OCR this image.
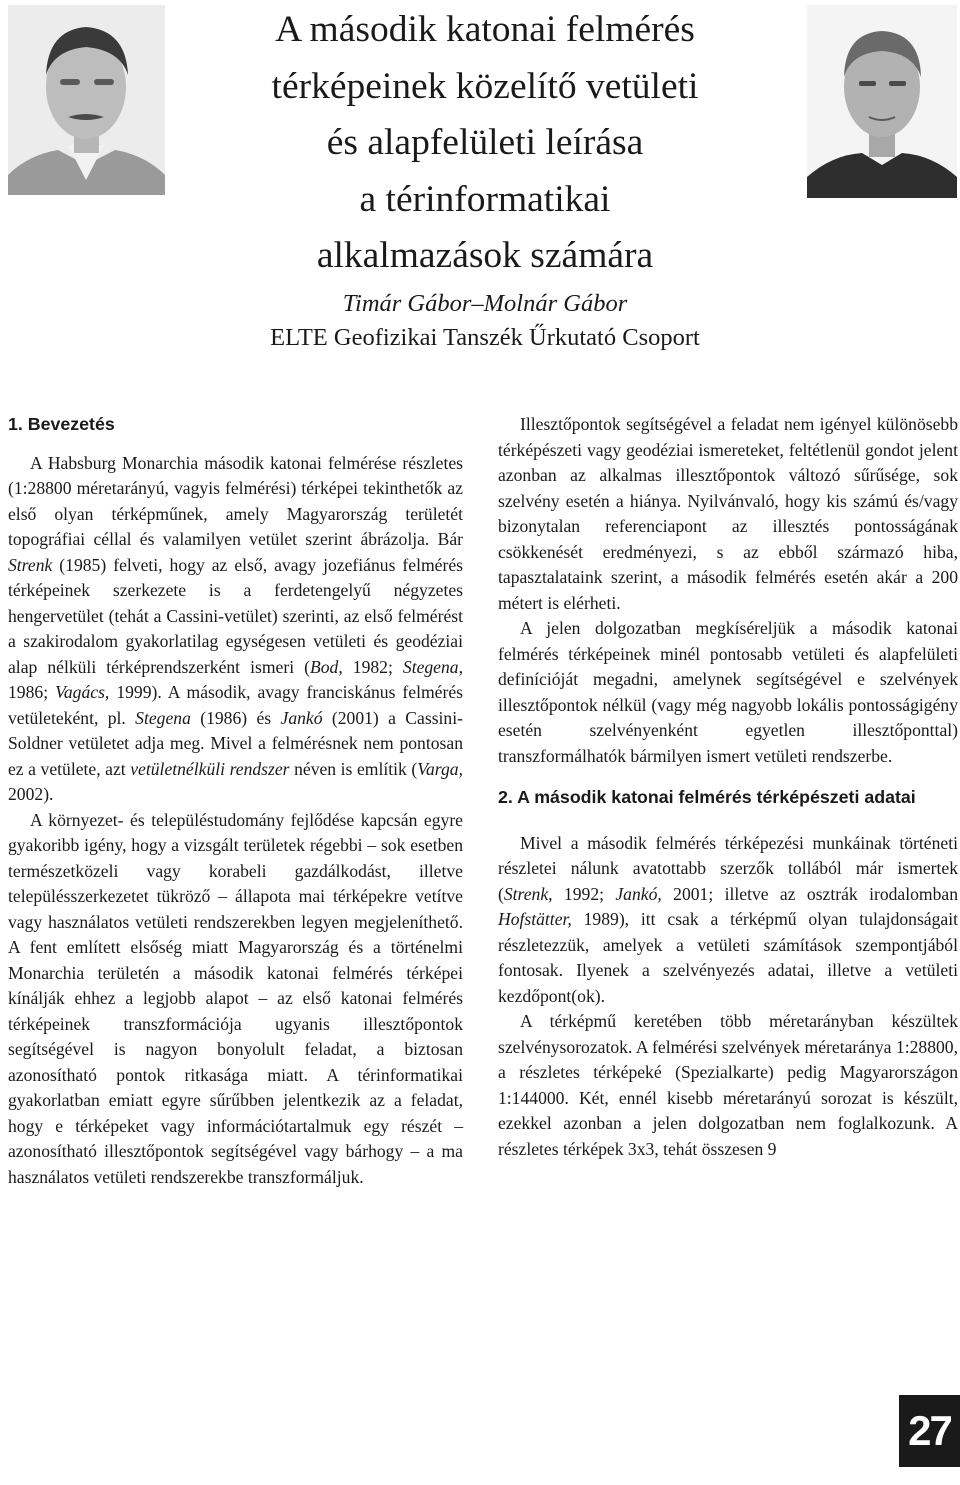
A második katonai felmérés
térképeinek közelítő vetületi
és alapfelületi leírása
a térinformatikai
alkalmazások számára
Timár Gábor–Molnár Gábor
ELTE Geofizikai Tanszék Űrkutató Csoport
1. Bevezetés

A Habsburg Monarchia második katonai felmérése részletes (1:28800 méretarányú, vagyis felmérési) térképei tekinthetők az első olyan térképműnek, amely Magyarország területét topográfiai céllal és valamilyen vetület szerint ábrázolja. Bár Strenk (1985) felveti, hogy az első, avagy jozefiánus felmérés térképeinek szerkezete is a ferdetengelyű négyzetes hengervetület (tehát a Cassini-vetület) szerinti, az első felmérést a szakirodalom gyakorlatilag egységesen vetületi és geodéziai alap nélküli térképrendszerként ismeri (Bod, 1982; Stegena, 1986; Vagács, 1999). A második, avagy franciskánus felmérés vetületeként, pl. Stegena (1986) és Jankó (2001) a Cassini-Soldner vetületet adja meg. Mivel a felmérésnek nem pontosan ez a vetülete, azt vetületnélküli rendszer néven is említik (Varga, 2002).

A környezet- és településtudomány fejlődése kapcsán egyre gyakoribb igény, hogy a vizsgált területek régebbi – sok esetben természetközeli vagy korabeli gazdálkodást, illetve településszerkezetet tükröző – állapota mai térképekre vetítve vagy használatos vetületi rendszerekben legyen megjeleníthető. A fent említett elsőség miatt Magyarország és a történelmi Monarchia területén a második katonai felmérés térképei kínálják ehhez a legjobb alapot – az első katonai felmérés térképeinek transzformációja ugyanis illesztőpontok segítségével is nagyon bonyolult feladat, a biztosan azonosítható pontok ritkasága miatt. A térinformatikai gyakorlatban emiatt egyre sűrűbben jelentkezik az a feladat, hogy e térképeket vagy információtartalmuk egy részét – azonosítható illesztőpontok segítségével vagy bárhogy – a ma használatos vetületi rendszerekbe transzformáljuk.

Illesztőpontok segítségével a feladat nem igényel különösebb térképészeti vagy geodéziai ismereteket, feltétlenül gondot jelent azonban az alkalmas illesztőpontok változó sűrűsége, sok szelvény esetén a hiánya. Nyilvánvaló, hogy kis számú és/vagy bizonytalan referenciapont az illesztés pontosságának csökkenését eredményezi, s az ebből származó hiba, tapasztalataink szerint, a második felmérés esetén akár a 200 métert is elérheti.

A jelen dolgozatban megkíséreljük a második katonai felmérés térképeinek minél pontosabb vetületi és alapfelületi definícióját megadni, amelynek segítségével e szelvények illesztőpontok nélkül (vagy még nagyobb lokális pontosságigény esetén szelvényenként egyetlen illesztőponttal) transzformálhatók bármilyen ismert vetületi rendszerbe.

2. A második katonai felmérés térképészeti adatai

Mivel a második felmérés térképezési munkáinak történeti részletei nálunk avatottabb szerzők tollából már ismertek (Strenk, 1992; Jankó, 2001; illetve az osztrák irodalomban Hofstätter, 1989), itt csak a térképmű olyan tulajdonságait részletezzük, amelyek a vetületi számítások szempontjából fontosak. Ilyenek a szelvényezés adatai, illetve a vetületi kezdőpont(ok).

A térképmű keretében több méretarányban készültek szelvénysorozatok. A felmérési szelvények méretaránya 1:28800, a részletes térképeké (Spezialkarte) pedig Magyarországon 1:144000. Két, ennél kisebb méretarányú sorozat is készült, ezekkel azonban a jelen dolgozatban nem foglalkozunk. A részletes térképek 3x3, tehát összesen 9

27
